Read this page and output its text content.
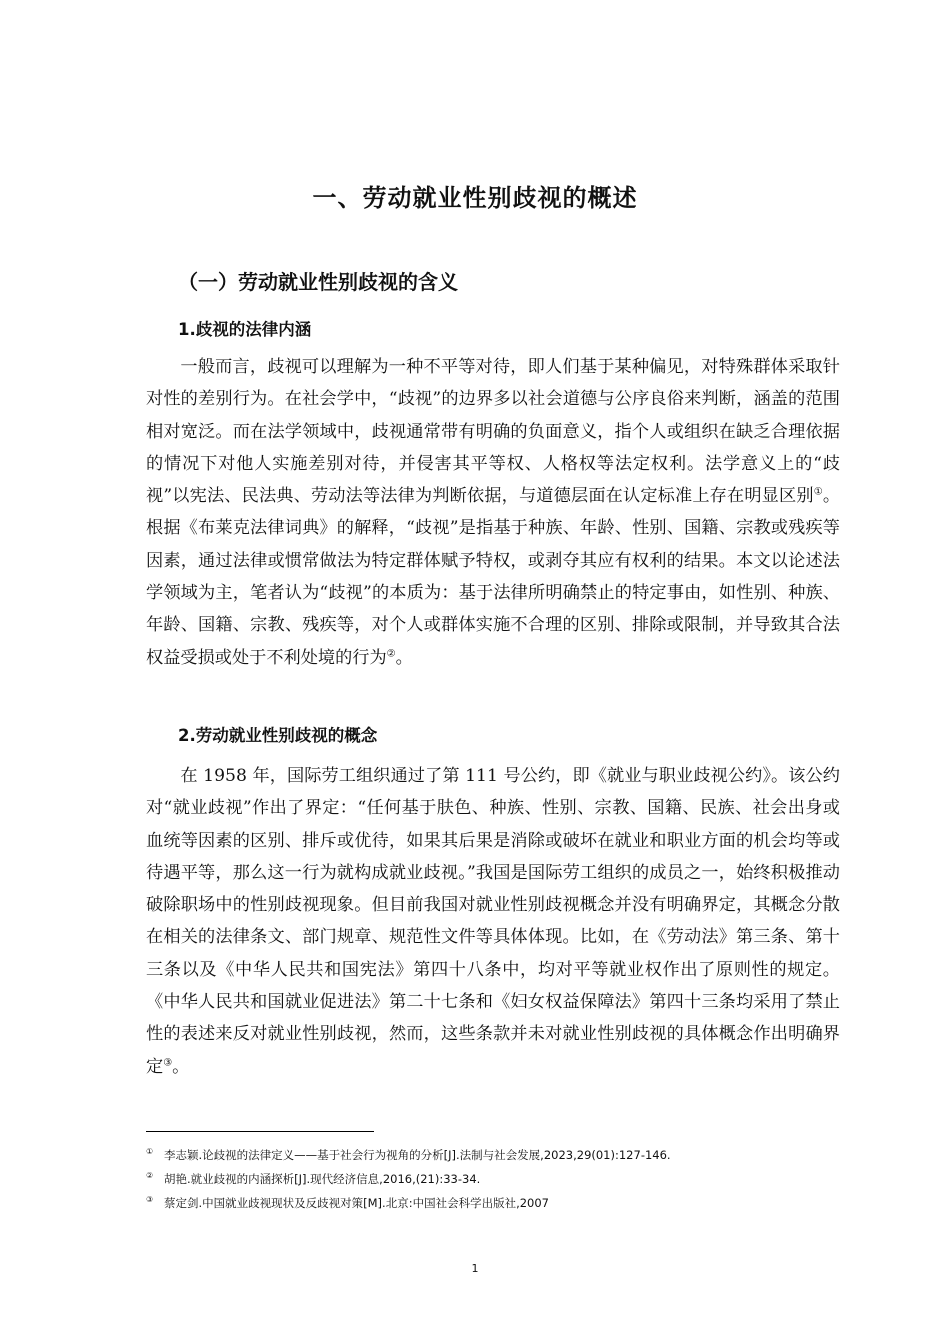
一、劳动就业性别歧视的概述
（一）劳动就业性别歧视的含义
1.歧视的法律内涵
一般而言，歧视可以理解为一种不平等对待，即人们基于某种偏见，对特殊群体采取针对性的差别行为。在社会学中，“歧视”的边界多以社会道德与公序良俗来判断，涵盖的范围相对宽泛。而在法学领域中，歧视通常带有明确的负面意义，指个人或组织在缺乏合理依据的情况下对他人实施差别对待，并侵害其平等权、人格权等法定权利。法学意义上的“歧视”以宪法、民法典、劳动法等法律为判断依据，与道德层面在认定标准上存在明显区别①。根据《布莱克法律词典》的解释，“歧视”是指基于种族、年龄、性别、国籍、宗教或残疾等因素，通过法律或惯常做法为特定群体赋予特权，或剥夺其应有权利的结果。本文以论述法学领域为主，笔者认为“歧视”的本质为：基于法律所明确禁止的特定事由，如性别、种族、年龄、国籍、宗教、残疾等，对个人或群体实施不合理的区别、排除或限制，并导致其合法权益受损或处于不利处境的行为②。
2.劳动就业性别歧视的概念
在 1958 年，国际劳工组织通过了第 111 号公约，即《就业与职业歧视公约》。该公约对“就业歧视”作出了界定：“任何基于肤色、种族、性别、宗教、国籍、民族、社会出身或血统等因素的区别、排斥或优待，如果其后果是消除或破坏在就业和职业方面的机会均等或待遇平等，那么这一行为就构成就业歧视。”我国是国际劳工组织的成员之一，始终积极推动破除职场中的性别歧视现象。但目前我国对就业性别歧视概念并没有明确界定，其概念分散在相关的法律条文、部门规章、规范性文件等具体体现。比如，在《劳动法》第三条、第十三条以及《中华人民共和国宪法》第四十八条中，均对平等就业权作出了原则性的规定。《中华人民共和国就业促进法》第二十七条和《妇女权益保障法》第四十三条均采用了禁止性的表述来反对就业性别歧视，然而，这些条款并未对就业性别歧视的具体概念作出明确界定③。
① 李志颖.论歧视的法律定义——基于社会行为视角的分析[J].法制与社会发展,2023,29(01):127-146.
② 胡艳.就业歧视的内涵探析[J].现代经济信息,2016,(21):33-34.
③ 蔡定剑.中国就业歧视现状及反歧视对策[M].北京:中国社会科学出版社,2007
1
